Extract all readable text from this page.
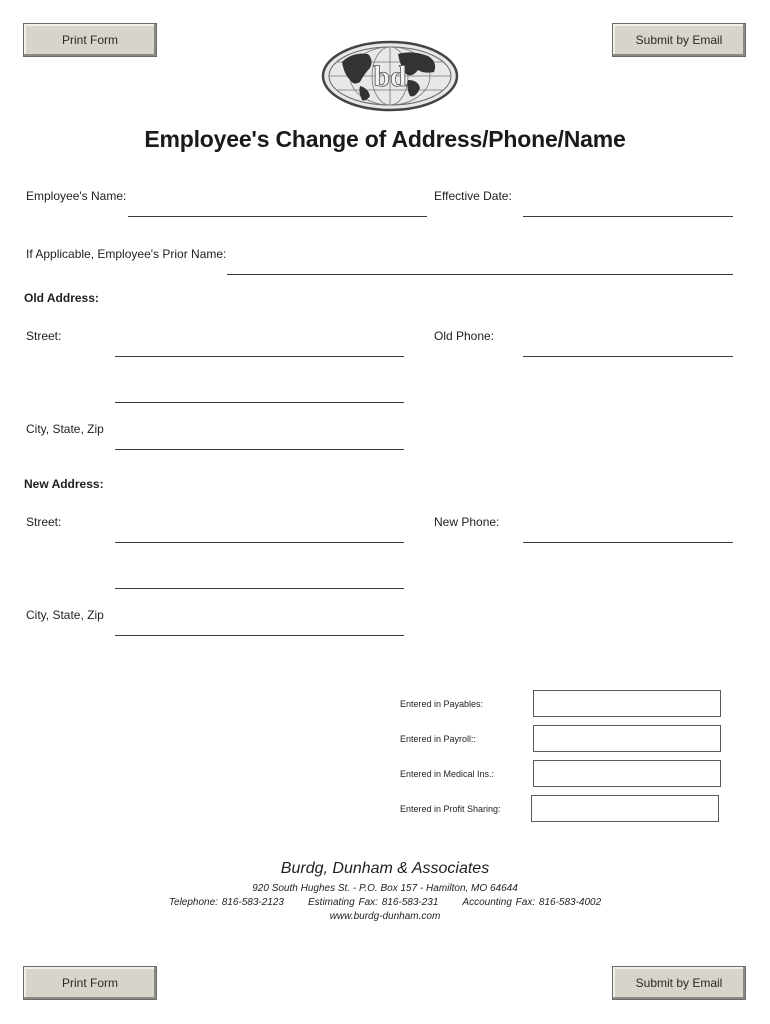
Print Form	Submit by Email
bd
Employee's Change of Address/Phone/Name
Employee's Name:	Effective Date:
If Applicable, Employee's Prior Name:
Old Address:
Street:
City, State, Zip
Old Phone:
New Address:
Street:
City, State, Zip
New Phone:
Entered in Payables:
Entered in Payroll::
Entered in Medical Ins.:
Entered in Profit Sharing:
Burdg, Dunham & Associates
920 South Hughes St. - P.O. Box 157 - Hamilton, MO 64644
Telephone: 816-583-2123 Estimating Fax: 816-583-231 Accounting Fax: 816-583-4002
www.burdg-dunham.com
Print Form	Submit by Email
